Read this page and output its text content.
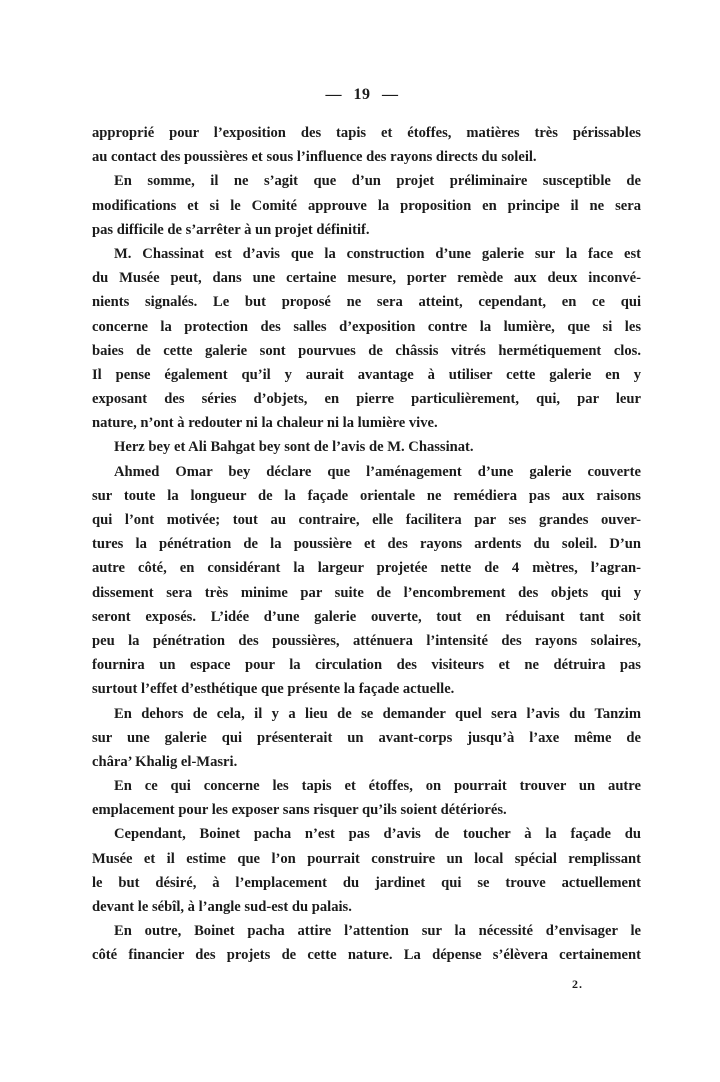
— 19 —
approprié pour l’exposition des tapis et étoffes, matières très périssables
au contact des poussières et sous l’influence des rayons directs du soleil.
En somme, il ne s’agit que d’un projet préliminaire susceptible de
modifications et si le Comité approuve la proposition en principe il ne sera
pas difficile de s’arrêter à un projet définitif.
M. Chassinat est d’avis que la construction d’une galerie sur la face est
du Musée peut, dans une certaine mesure, porter remède aux deux inconvé-
nients signalés. Le but proposé ne sera atteint, cependant, en ce qui
concerne la protection des salles d’exposition contre la lumière, que si les
baies de cette galerie sont pourvues de châssis vitrés hermétiquement clos.
Il pense également qu’il y aurait avantage à utiliser cette galerie en y
exposant des séries d’objets, en pierre particulièrement, qui, par leur
nature, n’ont à redouter ni la chaleur ni la lumière vive.
Herz bey et Ali Bahgat bey sont de l’avis de M. Chassinat.
Ahmed Omar bey déclare que l’aménagement d’une galerie couverte
sur toute la longueur de la façade orientale ne remédiera pas aux raisons
qui l’ont motivée; tout au contraire, elle facilitera par ses grandes ouver-
tures la pénétration de la poussière et des rayons ardents du soleil. D’un
autre côté, en considérant la largeur projetée nette de 4 mètres, l’agran-
dissement sera très minime par suite de l’encombrement des objets qui y
seront exposés. L’idée d’une galerie ouverte, tout en réduisant tant soit
peu la pénétration des poussières, atténuera l’intensité des rayons solaires,
fournira un espace pour la circulation des visiteurs et ne détruira pas
surtout l’effet d’esthétique que présente la façade actuelle.
En dehors de cela, il y a lieu de se demander quel sera l’avis du Tanzim
sur une galerie qui présenterait un avant-corps jusqu’à l’axe même de
châra’ Khalig el-Masri.
En ce qui concerne les tapis et étoffes, on pourrait trouver un autre
emplacement pour les exposer sans risquer qu’ils soient détériorés.
Cependant, Boinet pacha n’est pas d’avis de toucher à la façade du
Musée et il estime que l’on pourrait construire un local spécial remplissant
le but désiré, à l’emplacement du jardinet qui se trouve actuellement
devant le sébîl, à l’angle sud-est du palais.
En outre, Boinet pacha attire l’attention sur la nécessité d’envisager le
côté financier des projets de cette nature. La dépense s’élèvera certainement
2.
